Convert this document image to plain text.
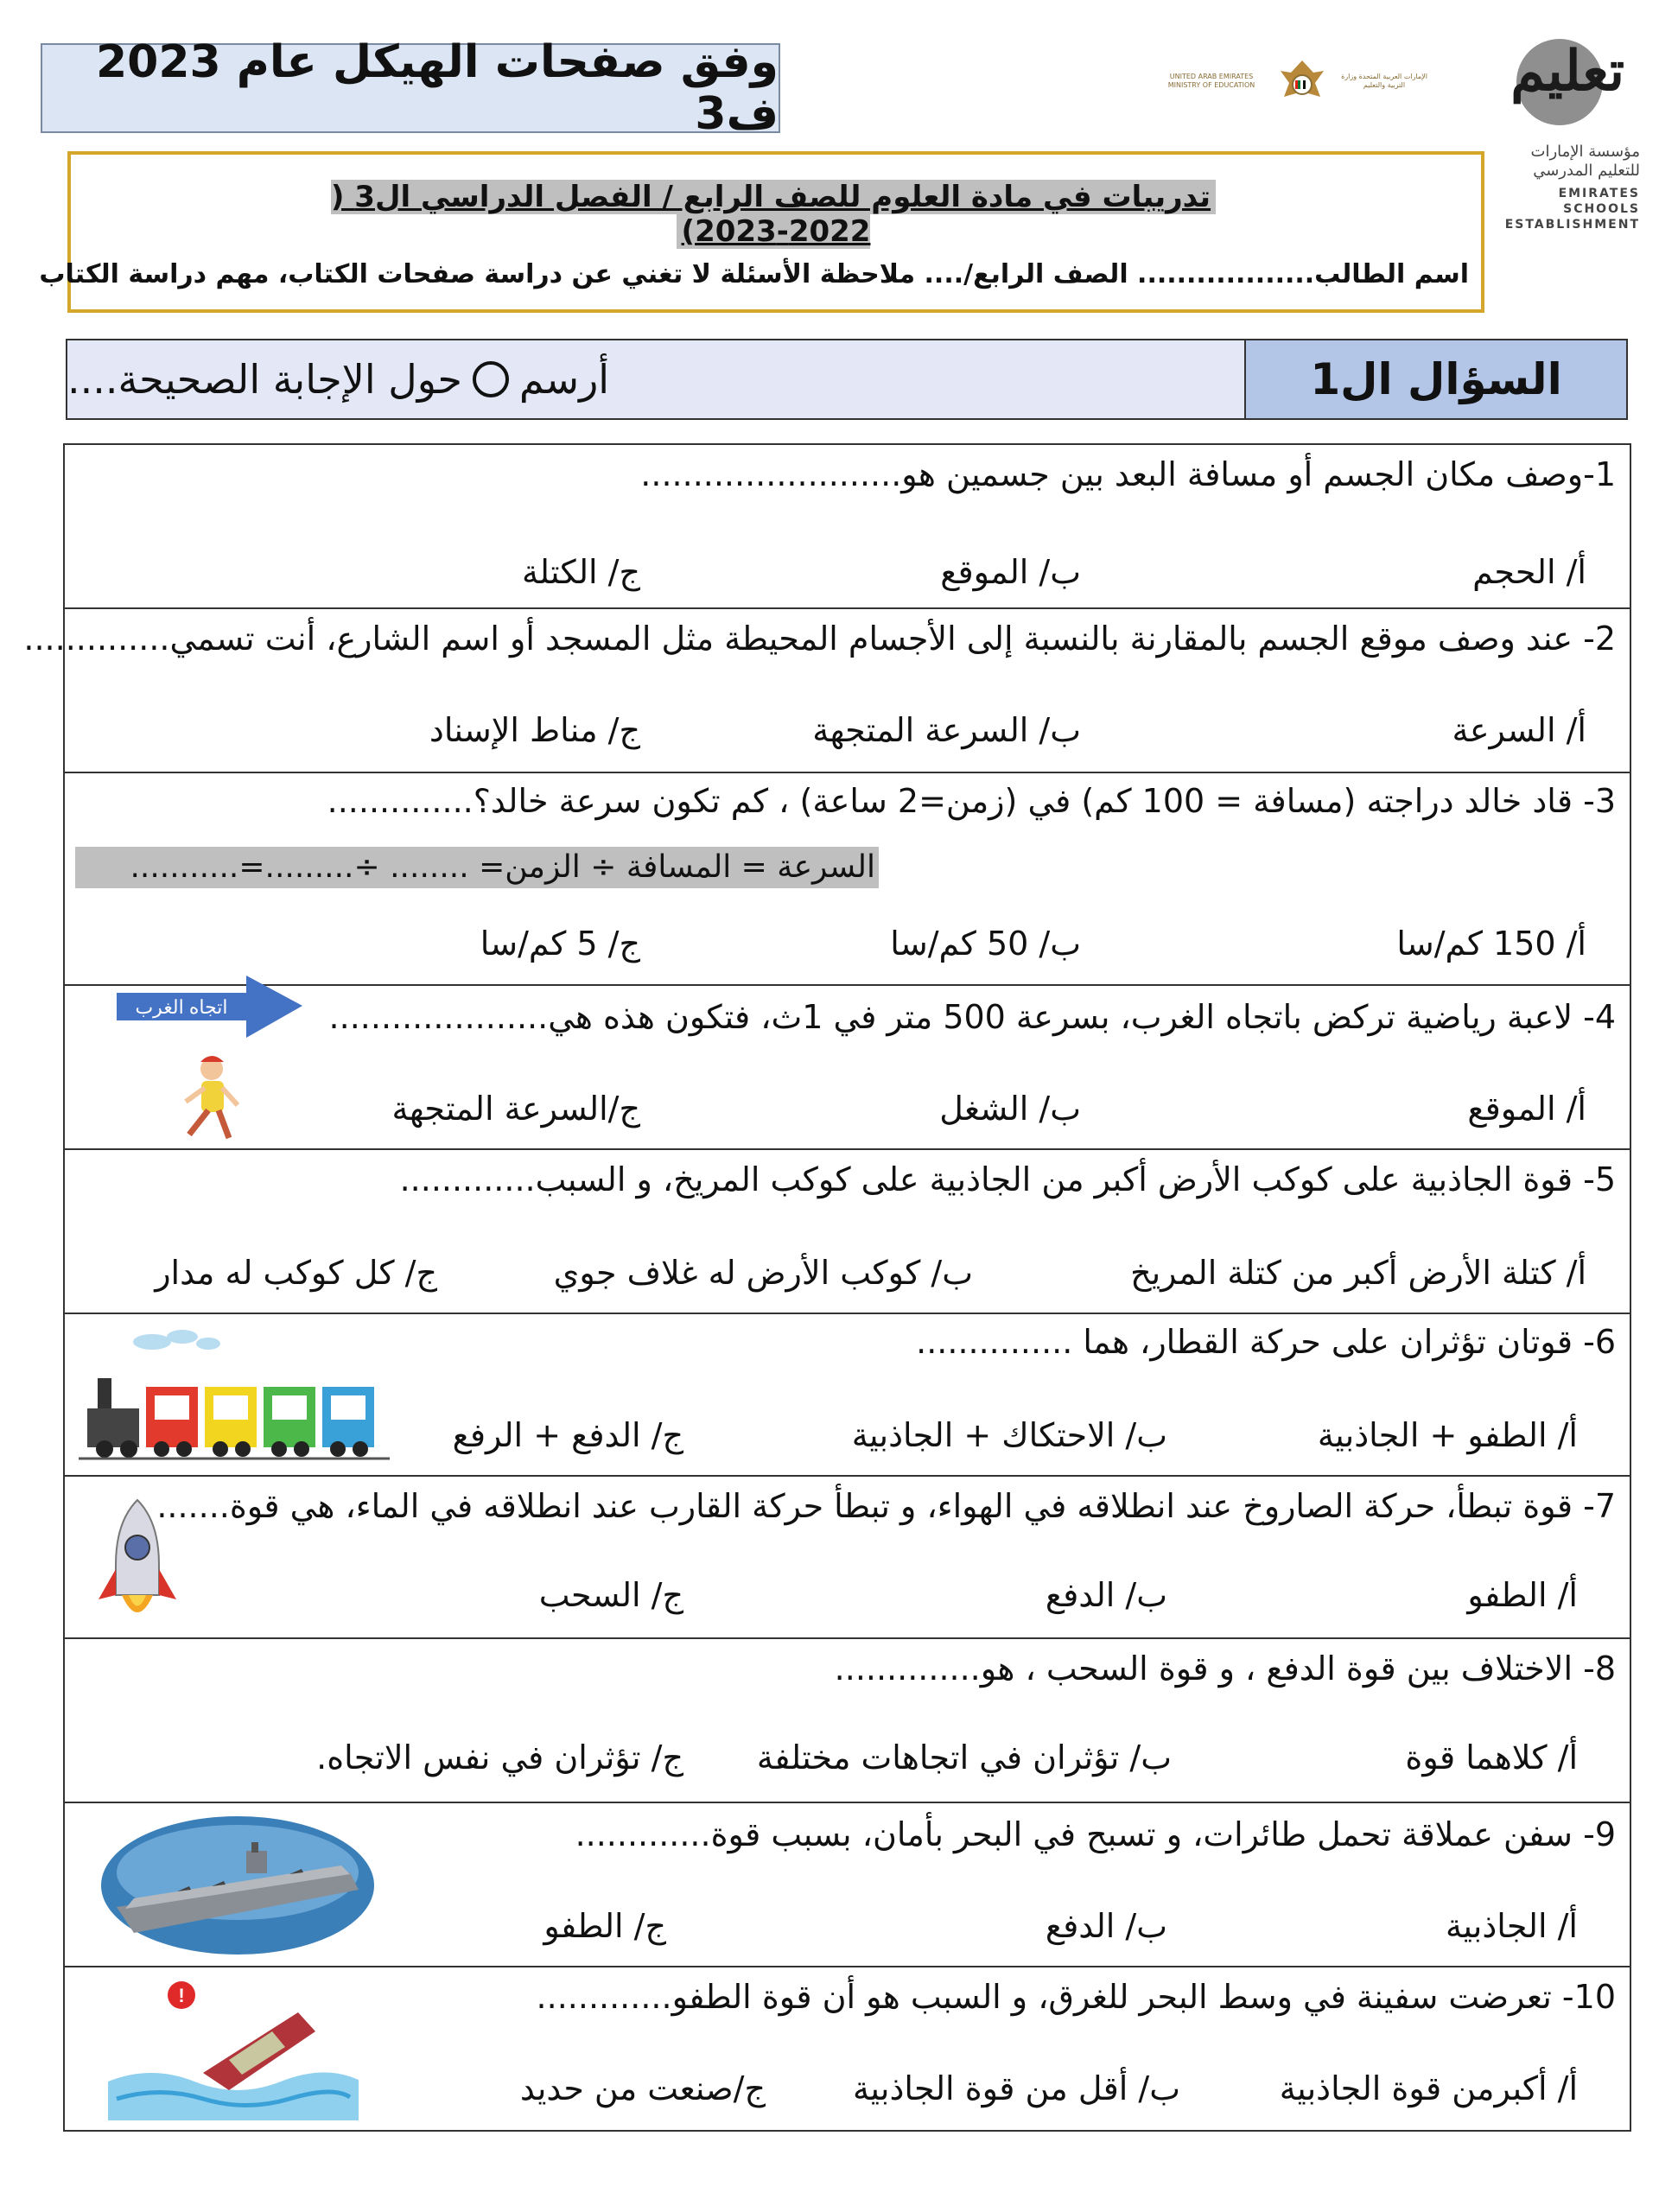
وفق صفحات الهيكل عام 2023 ف3
UNITED ARAB EMIRATES MINISTRY OF EDUCATION
الإمارات العربية المتحدة وزارة التربية والتعليم	تعليم
مؤسسة الإمارات للتعليم المدرسي
EMIRATES SCHOOLS ESTABLISHMENT
تدريبات في مادة العلوم للصف الرابع / الفصل الدراسي ال3 ( 2022-2023)
اسم الطالب.................. الصف الرابع/.... ملاحظة الأسئلة لا تغني عن دراسة صفحات الكتاب، مهم دراسة الكتاب
أرسم
حول الإجابة الصحيحة....	السؤال ال1
1-وصف مكان الجسم أو مسافة البعد بين جسمين هو.........................
أ/ الحجم
ب/ الموقع
ج/ الكتلة
2- عند وصف موقع الجسم بالمقارنة بالنسبة إلى الأجسام المحيطة مثل المسجد أو اسم الشارع، أنت تسمي..............
أ/ السرعة
ب/ السرعة المتجهة
ج/ مناط الإسناد
3- قاد خالد دراجته (مسافة = 100 كم) في (زمن=2 ساعة) ، كم تكون سرعة خالد؟..............
السرعة = المسافة ÷ الزمن= ........ ÷.........=...........
أ/ 150 كم/سا
ب/ 50 كم/سا
ج/ 5 كم/سا
4- لاعبة رياضية تركض باتجاه الغرب، بسرعة 500 متر في 1ث، فتكون هذه هي.....................
اتجاه الغرب
أ/ الموقع
ب/ الشغل
ج/السرعة المتجهة
5- قوة الجاذبية على كوكب الأرض أكبر من الجاذبية على كوكب المريخ، و السبب.............
أ/ كتلة الأرض أكبر من كتلة المريخ
ب/ كوكب الأرض له غلاف جوي
ج/ كل كوكب له مدار
6- قوتان تؤثران على حركة القطار، هما ...............
أ/ الطفو + الجاذبية
ب/ الاحتكاك + الجاذبية
ج/ الدفع + الرفع
7- قوة تبطأ، حركة الصاروخ عند انطلاقه في الهواء، و تبطأ حركة القارب عند انطلاقه في الماء، هي قوة.......
أ/ الطفو
ب/ الدفع
ج/ السحب
8- الاختلاف بين قوة الدفع ، و قوة السحب ، هو..............
أ/ كلاهما قوة
ب/ تؤثران في اتجاهات مختلفة
ج/ تؤثران في نفس الاتجاه.
9- سفن عملاقة تحمل طائرات، و تسبح في البحر بأمان، بسبب قوة.............
أ/ الجاذبية
ب/ الدفع
ج/ الطفو
10- تعرضت سفينة في وسط البحر للغرق، و السبب هو أن قوة الطفو.............
!
أ/ أكبرمن قوة الجاذبية
ب/ أقل من قوة الجاذبية
ج/صنعت من حديد
